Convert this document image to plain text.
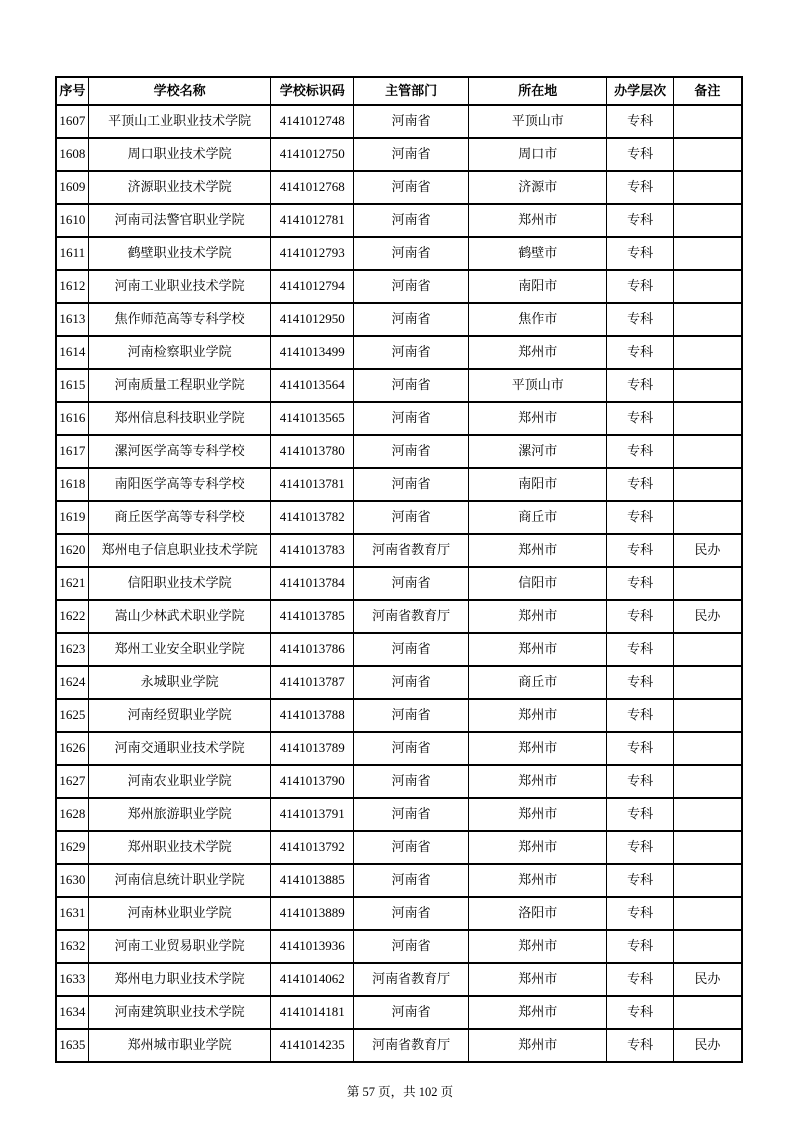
序号	学校名称	学校标识码	主管部门	所在地	办学层次	备注
1607	平顶山工业职业技术学院	4141012748	河南省	平顶山市	专科	
1608	周口职业技术学院	4141012750	河南省	周口市	专科	
1609	济源职业技术学院	4141012768	河南省	济源市	专科	
1610	河南司法警官职业学院	4141012781	河南省	郑州市	专科	
1611	鹤壁职业技术学院	4141012793	河南省	鹤壁市	专科	
1612	河南工业职业技术学院	4141012794	河南省	南阳市	专科	
1613	焦作师范高等专科学校	4141012950	河南省	焦作市	专科	
1614	河南检察职业学院	4141013499	河南省	郑州市	专科	
1615	河南质量工程职业学院	4141013564	河南省	平顶山市	专科	
1616	郑州信息科技职业学院	4141013565	河南省	郑州市	专科	
1617	漯河医学高等专科学校	4141013780	河南省	漯河市	专科	
1618	南阳医学高等专科学校	4141013781	河南省	南阳市	专科	
1619	商丘医学高等专科学校	4141013782	河南省	商丘市	专科	
1620	郑州电子信息职业技术学院	4141013783	河南省教育厅	郑州市	专科	民办
1621	信阳职业技术学院	4141013784	河南省	信阳市	专科	
1622	嵩山少林武术职业学院	4141013785	河南省教育厅	郑州市	专科	民办
1623	郑州工业安全职业学院	4141013786	河南省	郑州市	专科	
1624	永城职业学院	4141013787	河南省	商丘市	专科	
1625	河南经贸职业学院	4141013788	河南省	郑州市	专科	
1626	河南交通职业技术学院	4141013789	河南省	郑州市	专科	
1627	河南农业职业学院	4141013790	河南省	郑州市	专科	
1628	郑州旅游职业学院	4141013791	河南省	郑州市	专科	
1629	郑州职业技术学院	4141013792	河南省	郑州市	专科	
1630	河南信息统计职业学院	4141013885	河南省	郑州市	专科	
1631	河南林业职业学院	4141013889	河南省	洛阳市	专科	
1632	河南工业贸易职业学院	4141013936	河南省	郑州市	专科	
1633	郑州电力职业技术学院	4141014062	河南省教育厅	郑州市	专科	民办
1634	河南建筑职业技术学院	4141014181	河南省	郑州市	专科	
1635	郑州城市职业学院	4141014235	河南省教育厅	郑州市	专科	民办
第 57 页，共 102 页
